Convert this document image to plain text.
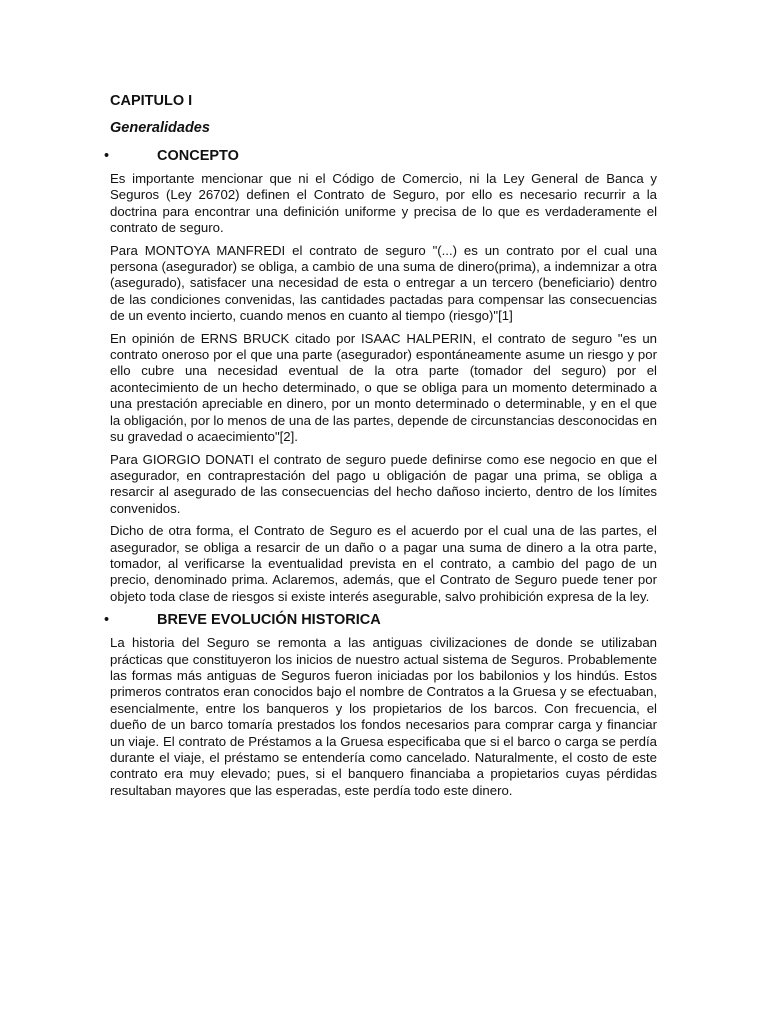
CAPITULO I
Generalidades
•	CONCEPTO

Es importante mencionar que ni el Código de Comercio, ni la Ley General de Banca y Seguros (Ley 26702) definen el Contrato de Seguro, por ello es necesario recurrir a la doctrina para encontrar una definición uniforme y precisa de lo que es verdaderamente el contrato de seguro.

Para MONTOYA MANFREDI el contrato de seguro "(...) es un contrato por el cual una persona (asegurador) se obliga, a cambio de una suma de dinero(prima), a indemnizar a otra (asegurado), satisfacer una necesidad de esta o entregar a un tercero (beneficiario) dentro de las condiciones convenidas, las cantidades pactadas para compensar las consecuencias de un evento incierto, cuando menos en cuanto al tiempo (riesgo)"[1]

En opinión de ERNS BRUCK citado por ISAAC HALPERIN, el contrato de seguro "es un contrato oneroso por el que una parte (asegurador) espontáneamente asume un riesgo y por ello cubre una necesidad eventual de la otra parte (tomador del seguro) por el acontecimiento de un hecho determinado, o que se obliga para un momento determinado a una prestación apreciable en dinero, por un monto determinado o determinable, y en el que la obligación, por lo menos de una de las partes, depende de circunstancias desconocidas en su gravedad o acaecimiento"[2].

Para GIORGIO DONATI el contrato de seguro puede definirse como ese negocio en que el asegurador, en contraprestación del pago u obligación de pagar una prima, se obliga a resarcir al asegurado de las consecuencias del hecho dañoso incierto, dentro de los límites convenidos.

Dicho de otra forma, el Contrato de Seguro es el acuerdo por el cual una de las partes, el asegurador, se obliga a resarcir de un daño o a pagar una suma de dinero a la otra parte, tomador, al verificarse la eventualidad prevista en el contrato, a cambio del pago de un precio, denominado prima. Aclaremos, además, que el Contrato de Seguro puede tener por objeto toda clase de riesgos si existe interés asegurable, salvo prohibición expresa de la ley.

•	BREVE EVOLUCIÓN HISTORICA

La historia del Seguro se remonta a las antiguas civilizaciones de donde se utilizaban prácticas que constituyeron los inicios de nuestro actual sistema de Seguros. Probablemente las formas más antiguas de Seguros fueron iniciadas por los babilonios y los hindús. Estos primeros contratos eran conocidos bajo el nombre de Contratos a la Gruesa y se efectuaban, esencialmente, entre los banqueros y los propietarios de los barcos. Con frecuencia, el dueño de un barco tomaría prestados los fondos necesarios para comprar carga y financiar un viaje. El contrato de Préstamos a la Gruesa especificaba que si el barco o carga se perdía durante el viaje, el préstamo se entendería como cancelado. Naturalmente, el costo de este contrato era muy elevado; pues, si el banquero financiaba a propietarios cuyas pérdidas resultaban mayores que las esperadas, este perdía todo este dinero.
